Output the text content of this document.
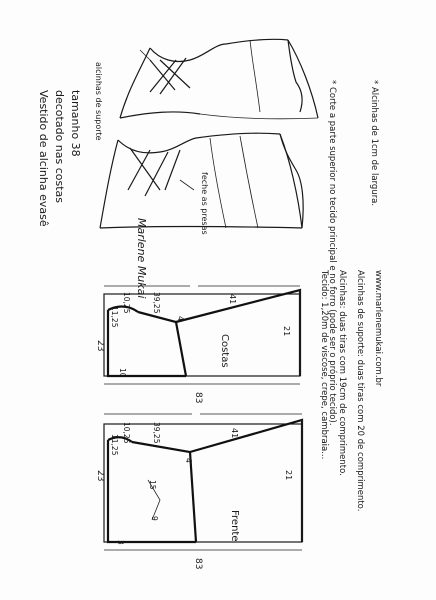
alcinhas de suporte
feche as presas
Vestido de alcinha evasê decotado nas costas tamanho 38
Marlene Mukai	* Corte a parte superior no tecido principal e no forro (pode ser o próprio tecido).	* Alcinhas de 1cm de largura.
Tecido: 1,20m de viscose, crepe, cambraia... Alcinhas: duas tiras com 19cm de comprimento. Alcinhas de suporte: duas tiras com 20 de comprimento. www.marlenemukai.com.br
23
11,25
10,25	39,25
4
10
41
21
83
Costas
23
11,25
10,25	39,25
4
9
3
15
41
21
83
Frente
